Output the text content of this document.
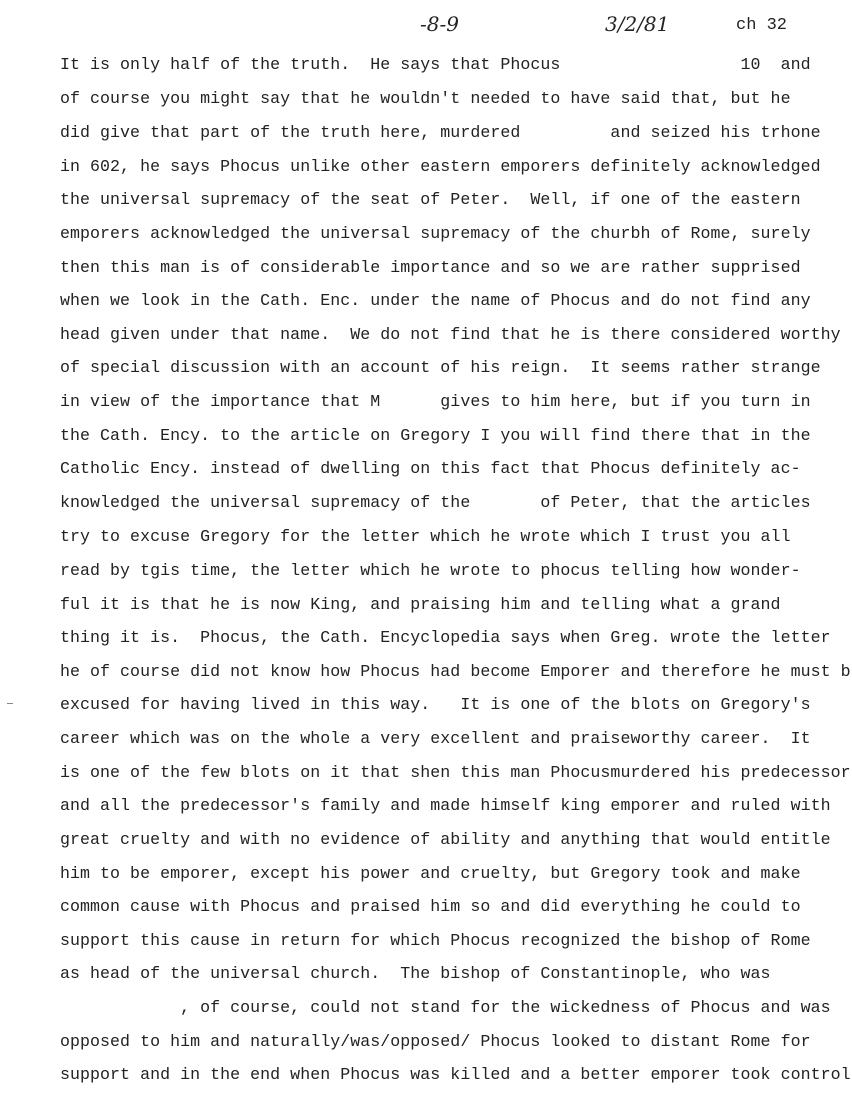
-8-9	3/2/81	ch 32
It is only half of the truth.  He says that Phocus                  10  and
of course you might say that he wouldn't needed to have said that, but he
did give that part of the truth here, murdered         and seized his trhone
in 602, he says Phocus unlike other eastern emporers definitely acknowledged
the universal supremacy of the seat of Peter.  Well, if one of the eastern
emporers acknowledged the universal supremacy of the churbh of Rome, surely
then this man is of considerable importance and so we are rather supprised
when we look in the Cath. Enc. under the name of Phocus and do not find any
head given under that name.  We do not find that he is there considered worthy
of special discussion with an account of his reign.  It seems rather strange
in view of the importance that M      gives to him here, but if you turn in
the Cath. Ency. to the article on Gregory I you will find there that in the
Catholic Ency. instead of dwelling on this fact that Phocus definitely ac-
knowledged the universal supremacy of the       of Peter, that the articles
try to excuse Gregory for the letter which he wrote which I trust you all
read by tgis time, the letter which he wrote to phocus telling how wonder-
ful it is that he is now King, and praising him and telling what a grand
thing it is.  Phocus, the Cath. Encyclopedia says when Greg. wrote the letter
he of course did not know how Phocus had become Emporer and therefore he must b
excused for having lived in this way.   It is one of the blots on Gregory's
career which was on the whole a very excellent and praiseworthy career.  It
is one of the few blots on it that shen this man Phocusmurdered his predecessor
and all the predecessor's family and made himself king emporer and ruled with
great cruelty and with no evidence of ability and anything that would entitle
him to be emporer, except his power and cruelty, but Gregory took and make
common cause with Phocus and praised him so and did everything he could to
support this cause in return for which Phocus recognized the bishop of Rome
as head of the universal church.  The bishop of Constantinople, who was
, of course, could not stand for the wickedness of Phocus and was
opposed to him and naturally/was/opposed/ Phocus looked to distant Rome for
support and in the end when Phocus was killed and a better emporer took control
